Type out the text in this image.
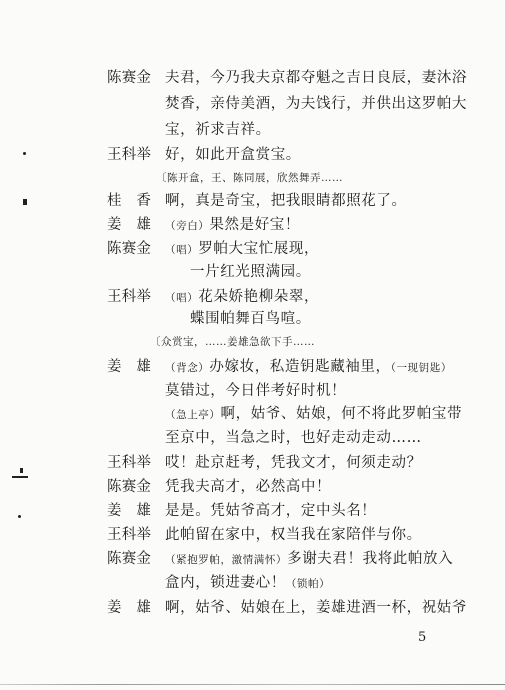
陈赛金 夫君，今乃我夫京都夺魁之吉日良辰，妻沐浴
焚香，亲侍美酒，为夫饯行，并供出这罗帕大
宝，祈求吉祥。
王科举 好，如此开盒赏宝。
〔陈开盒，王、陈同展，欣然舞弄……
桂　香 啊，真是奇宝，把我眼睛都照花了。
姜　雄	（旁白）果然是好宝！
陈赛金	（唱）罗帕大宝忙展现，
一片红光照满园。
王科举	（唱）花朵娇艳柳朵翠，
蝶围帕舞百鸟喧。
〔众赏宝，……姜雄急欲下手……
姜　雄	（背念）办嫁妆，私造钥匙藏袖里，（一现钥匙）
莫错过，今日伴考好时机！
（急上亭）啊，姑爷、姑娘，何不将此罗帕宝带
至京中，当急之时，也好走动走动……
王科举 哎！赴京赶考，凭我文才，何须走动？
陈赛金 凭我夫高才，必然高中！
姜　雄 是是。凭姑爷高才，定中头名！
王科举 此帕留在家中，权当我在家陪伴与你。
陈赛金	（紧抱罗帕，激情满怀）多谢夫君！我将此帕放入
盒内，锁进妻心！（锁帕）
姜　雄 啊，姑爷、姑娘在上，姜雄进酒一杯，祝姑爷
5
